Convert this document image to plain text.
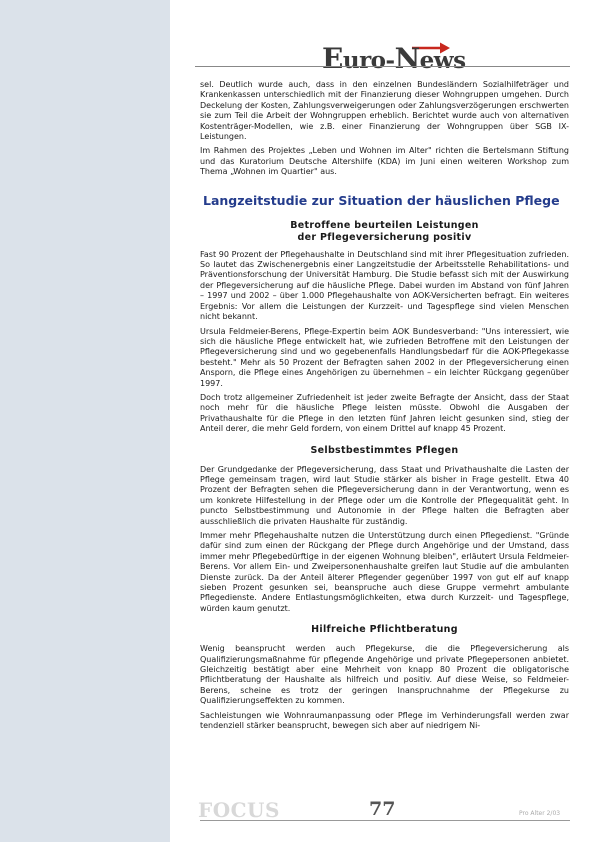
Euro-News

sel. Deutlich wurde auch, dass in den einzelnen Bundesländern Sozialhilfeträger und Krankenkassen unterschiedlich mit der Finanzierung dieser Wohngruppen umgehen. Durch Deckelung der Kosten, Zahlungsverweigerungen oder Zahlungsverzögerungen erschwerten sie zum Teil die Arbeit der Wohngruppen erheblich. Berichtet wurde auch von alternativen Kostenträger-Modellen, wie z.B. einer Finanzierung der Wohngruppen über SGB IX-Leistungen.

Im Rahmen des Projektes „Leben und Wohnen im Alter" richten die Bertelsmann Stiftung und das Kuratorium Deutsche Altershilfe (KDA) im Juni einen weiteren Workshop zum Thema „Wohnen im Quartier" aus.

Langzeitstudie zur Situation der häuslichen Pflege
Betroffene beurteilen Leistungen
der Pflegeversicherung positiv

Fast 90 Prozent der Pflegehaushalte in Deutschland sind mit ihrer Pflegesituation zufrieden. So lautet das Zwischenergebnis einer Langzeitstudie der Arbeitsstelle Rehabilitations- und Präventionsforschung der Universität Hamburg. Die Studie befasst sich mit der Auswirkung der Pflegeversicherung auf die häusliche Pflege. Dabei wurden im Abstand von fünf Jahren – 1997 und 2002 – über 1.000 Pflegehaushalte von AOK-Versicherten befragt. Ein weiteres Ergebnis: Vor allem die Leistungen der Kurzzeit- und Tagespflege sind vielen Menschen nicht bekannt.

Ursula Feldmeier-Berens, Pflege-Expertin beim AOK Bundesverband: "Uns interessiert, wie sich die häusliche Pflege entwickelt hat, wie zufrieden Betroffene mit den Leistungen der Pflegeversicherung sind und wo gegebenenfalls Handlungsbedarf für die AOK-Pflegekasse besteht." Mehr als 50 Prozent der Befragten sahen 2002 in der Pflegeversicherung einen Ansporn, die Pflege eines Angehörigen zu übernehmen – ein leichter Rückgang gegenüber 1997.

Doch trotz allgemeiner Zufriedenheit ist jeder zweite Befragte der Ansicht, dass der Staat noch mehr für die häusliche Pflege leisten müsste. Obwohl die Ausgaben der Privathaushalte für die Pflege in den letzten fünf Jahren leicht gesunken sind, stieg der Anteil derer, die mehr Geld fordern, von einem Drittel auf knapp 45 Prozent.

Selbstbestimmtes Pflegen

Der Grundgedanke der Pflegeversicherung, dass Staat und Privathaushalte die Lasten der Pflege gemeinsam tragen, wird laut Studie stärker als bisher in Frage gestellt. Etwa 40 Prozent der Befragten sehen die Pflegeversicherung dann in der Verantwortung, wenn es um konkrete Hilfestellung in der Pflege oder um die Kontrolle der Pflegequalität geht. In puncto Selbstbestimmung und Autonomie in der Pflege halten die Befragten aber ausschließlich die privaten Haushalte für zuständig.

Immer mehr Pflegehaushalte nutzen die Unterstützung durch einen Pflegedienst. "Gründe dafür sind zum einen der Rückgang der Pflege durch Angehörige und der Umstand, dass immer mehr Pflegebedürftige in der eigenen Wohnung bleiben", erläutert Ursula Feldmeier-Berens. Vor allem Ein- und Zweipersonenhaushalte greifen laut Studie auf die ambulanten Dienste zurück. Da der Anteil älterer Pflegender gegenüber 1997 von gut elf auf knapp sieben Prozent gesunken sei, beanspruche auch diese Gruppe vermehrt ambulante Pflegedienste. Andere Entlastungsmöglichkeiten, etwa durch Kurzzeit- und Tagespflege, würden kaum genutzt.

Hilfreiche Pflichtberatung

Wenig beansprucht werden auch Pflegekurse, die die Pflegeversicherung als Qualifizierungsmaßnahme für pflegende Angehörige und private Pflegepersonen anbietet. Gleichzeitig bestätigt aber eine Mehrheit von knapp 80 Prozent die obligatorische Pflichtberatung der Haushalte als hilfreich und positiv. Auf diese Weise, so Feldmeier-Berens, scheine es trotz der geringen Inanspruchnahme der Pflegekurse zu Qualifizierungseffekten zu kommen.

Sachleistungen wie Wohnraumanpassung oder Pflege im Verhinderungsfall werden zwar tendenziell stärker beansprucht, bewegen sich aber auf niedrigem Ni-

FOCUS	77	Pro Alter 2/03
